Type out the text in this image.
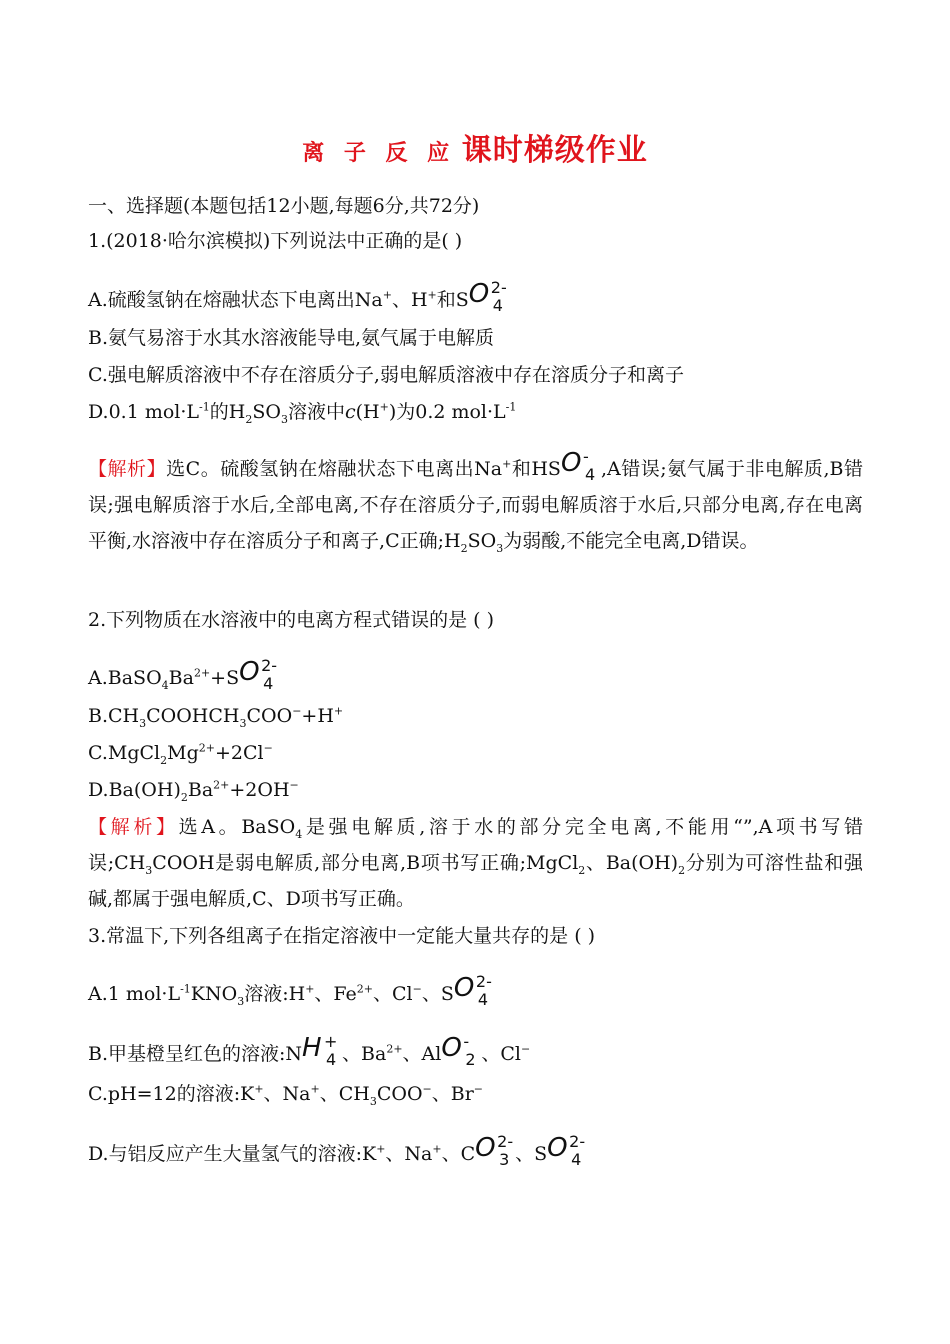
离 子 反 应 课时梯级作业
一、选择题(本题包括12小题,每题6分,共72分)
1.(2018·哈尔滨模拟)下列说法中正确的是( )
A.硫酸氢钠在熔融状态下电离出Na+、H+和S O 2-
4
B.氨气易溶于水其水溶液能导电,氨气属于电解质
C.强电解质溶液中不存在溶质分子,弱电解质溶液中存在溶质分子和离子
D.0.1 $mol\cdot L^{-1}$的$H_2SO_3$溶液中c(H+)为0.2 $mol\cdot L^{-1}$
【解析】选C。硫酸氢钠在熔融状态下电离出Na+和HS O -
4 ,A错误;氨气属于非电解质,B错误;强电解质溶于水后,全部电离,不存在溶质分子,而弱电解质溶于水后,只部分电离,存在电离平衡,水溶液中存在溶质分子和离子,C正确$;H_2SO_3$为弱酸,不能完全电离,D错误。
2.下列物质在水溶液中的电离方程式错误的是 ( )
$A.BaSO_4Ba^{2+}+S$ O 2-
4
$B.CH_3COOHCH_3COO^-+H^+$
$C.MgCl_2Mg^{2+}+2Cl^-$
$D.Ba(OH)_2Ba^{2+}+2OH^-$
【解析】选A。BaSO$_4$是强电解质,溶于水的部分完全电离,不能用“”,A项书写错误$;CH_3COOH$是弱电解质,部分电离,B项书写正确;MgCl$_2$、$Ba(OH)_2$分别为可溶性盐和强碱,都属于强电解质,C、D项书写正确。
3.常温下,下列各组离子在指定溶液中一定能大量共存的是 ( )
A.1 $mol\cdot L^{-1}KNO_3$溶液:H+、$Fe^{2+}$、Cl−、S O 2-
4
B.甲基橙呈红色的溶液:N H +
4 、$Ba^{2+}$、Al O -
2 、Cl−
C.pH=12的溶液:K+、Na+、$CH_3COO^-$、Br−
D.与铝反应产生大量氢气的溶液:K+、Na+、C O 2-
3 、S O 2-
4
